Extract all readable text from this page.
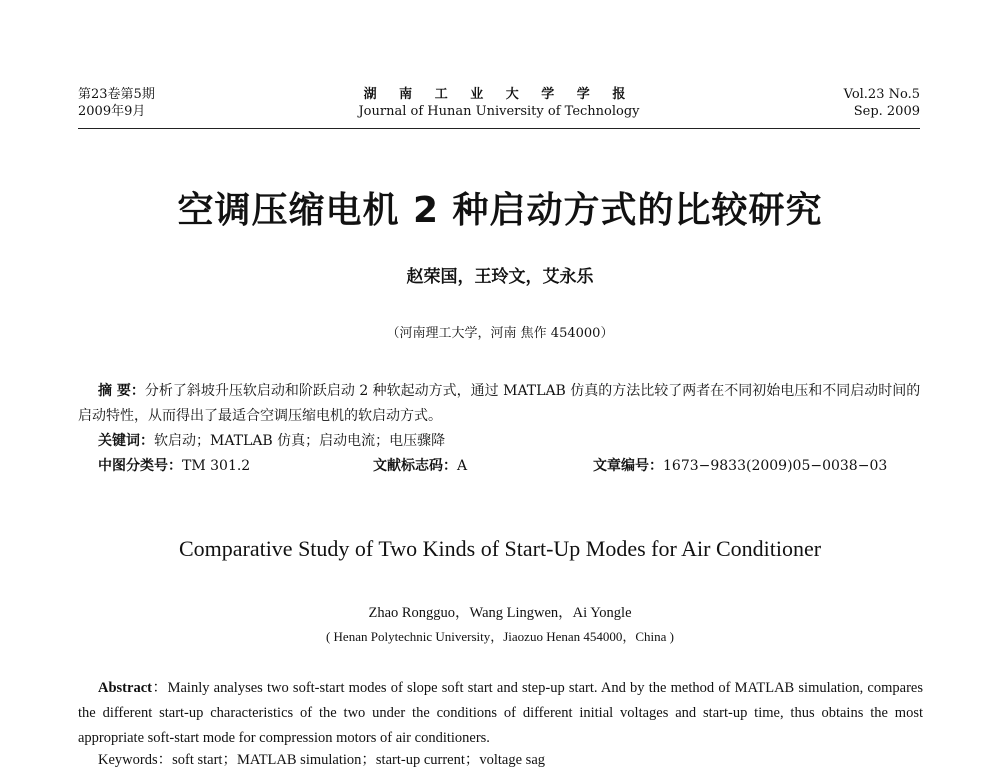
第23卷第5期
2009年9月
湖 南 工 业 大 学 学 报
Journal of Hunan University of Technology
Vol.23 No.5
Sep. 2009
空调压缩电机 2 种启动方式的比较研究
赵荣国，王玲文，艾永乐
（河南理工大学，河南 焦作 454000）

摘 要：分析了斜坡升压软启动和阶跃启动 2 种软起动方式，通过 MATLAB 仿真的方法比较了两者在不同初始电压和不同启动时间的启动特性，从而得出了最适合空调压缩电机的软启动方式。

关键词：软启动；MATLAB 仿真；启动电流；电压骤降

中图分类号：TM 301.2	文献标志码：A	文章编号：1673−9833(2009)05−0038−03

Comparative Study of Two Kinds of Start-Up Modes for Air Conditioner
Zhao Rongguo，Wang Lingwen，Ai Yongle
( Henan Polytechnic University，Jiaozuo Henan 454000，China )

Abstract：Mainly analyses two soft-start modes of slope soft start and step-up start. And by the method of MATLAB simulation, compares the different start-up characteristics of the two under the conditions of different initial voltages and start-up time, thus obtains the most appropriate soft-start mode for compression motors of air conditioners.

Keywords：soft start；MATLAB simulation；start-up current；voltage sag
